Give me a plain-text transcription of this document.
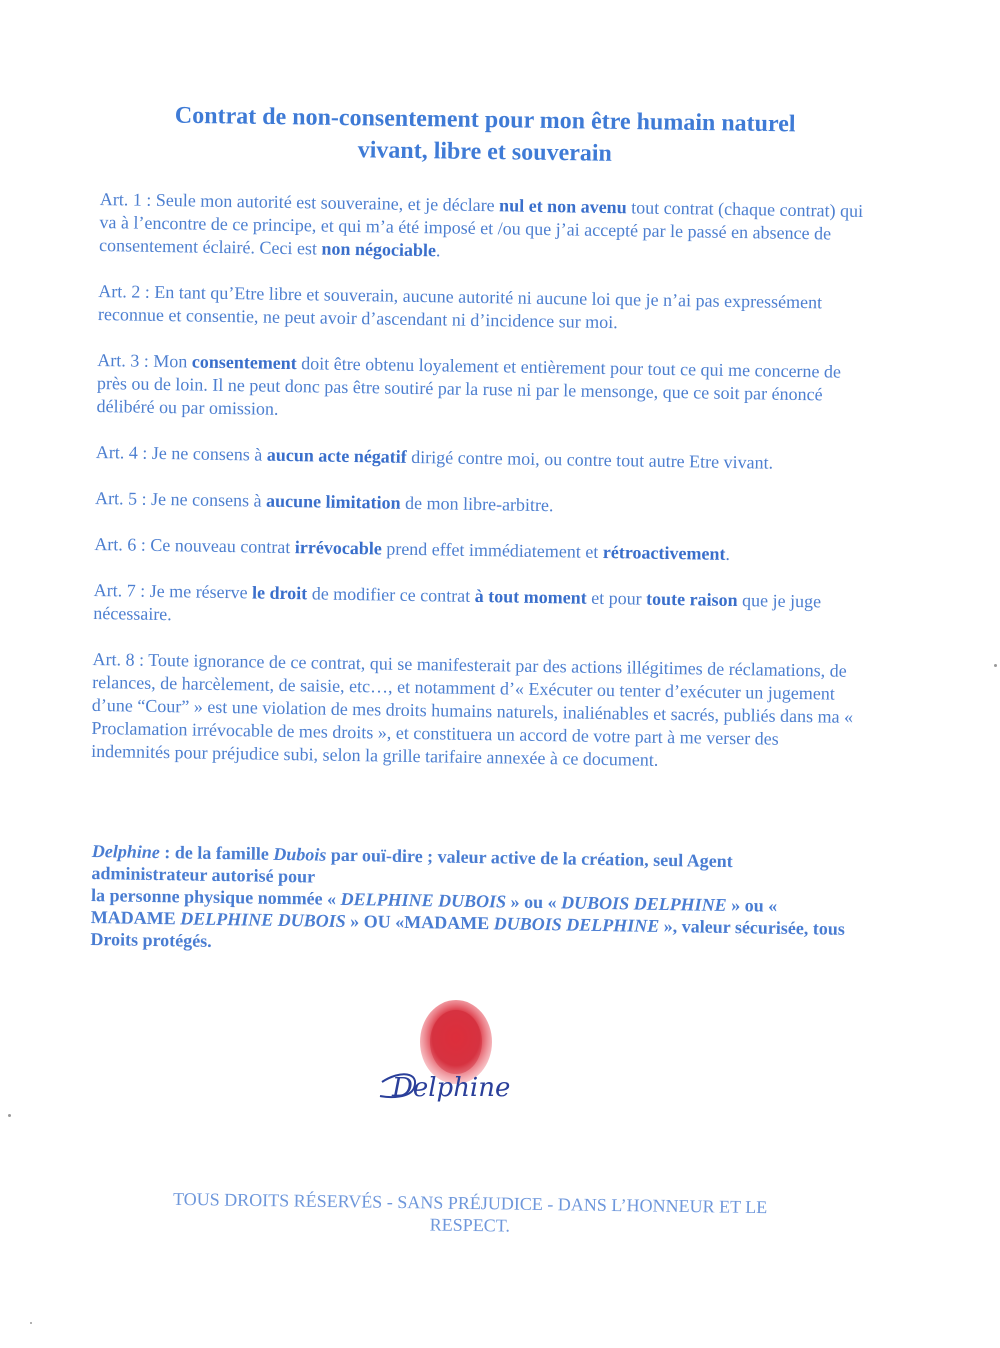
Contrat de non-consentement pour mon être humain naturel
vivant, libre et souverain

Art. 1 : Seule mon autorité est souveraine, et je déclare nul et non avenu tout contrat (chaque contrat) qui va à l’encontre de ce principe, et qui m’a été imposé et /ou que j’ai accepté par le passé en absence de consentement éclairé. Ceci est non négociable.

Art. 2 : En tant qu’Etre libre et souverain, aucune autorité ni aucune loi que je n’ai pas expressément reconnue et consentie, ne peut avoir d’ascendant ni d’incidence sur moi.

Art. 3 : Mon consentement doit être obtenu loyalement et entièrement pour tout ce qui me concerne de près ou de loin. Il ne peut donc pas être soutiré par la ruse ni par le mensonge, que ce soit par énoncé délibéré ou par omission.

Art. 4 : Je ne consens à aucun acte négatif dirigé contre moi, ou contre tout autre Etre vivant.

Art. 5 : Je ne consens à aucune limitation de mon libre-arbitre.

Art. 6 : Ce nouveau contrat irrévocable prend effet immédiatement et rétroactivement.

Art. 7 : Je me réserve le droit de modifier ce contrat à tout moment et pour toute raison que je juge nécessaire.

Art. 8 : Toute ignorance de ce contrat, qui se manifesterait par des actions illégitimes de réclamations, de relances, de harcèlement, de saisie, etc…, et notamment d’« Exécuter ou tenter d’exécuter un jugement d’une “Cour” » est une violation de mes droits humains naturels, inaliénables et sacrés, publiés dans ma « Proclamation irrévocable de mes droits », et constituera un accord de votre part à me verser des indemnités pour préjudice subi, selon la grille tarifaire annexée à ce document.

Delphine : de la famille Dubois par ouï-dire ; valeur active de la création, seul Agent administrateur autorisé pour
la personne physique nommée « DELPHINE DUBOIS » ou « DUBOIS DELPHINE » ou « MADAME DELPHINE DUBOIS » OU «MADAME DUBOIS DELPHINE », valeur sécurisée, tous Droits protégés.
Delphine
TOUS DROITS RÉSERVÉS - SANS PRÉJUDICE - DANS L’HONNEUR ET LE
RESPECT.
